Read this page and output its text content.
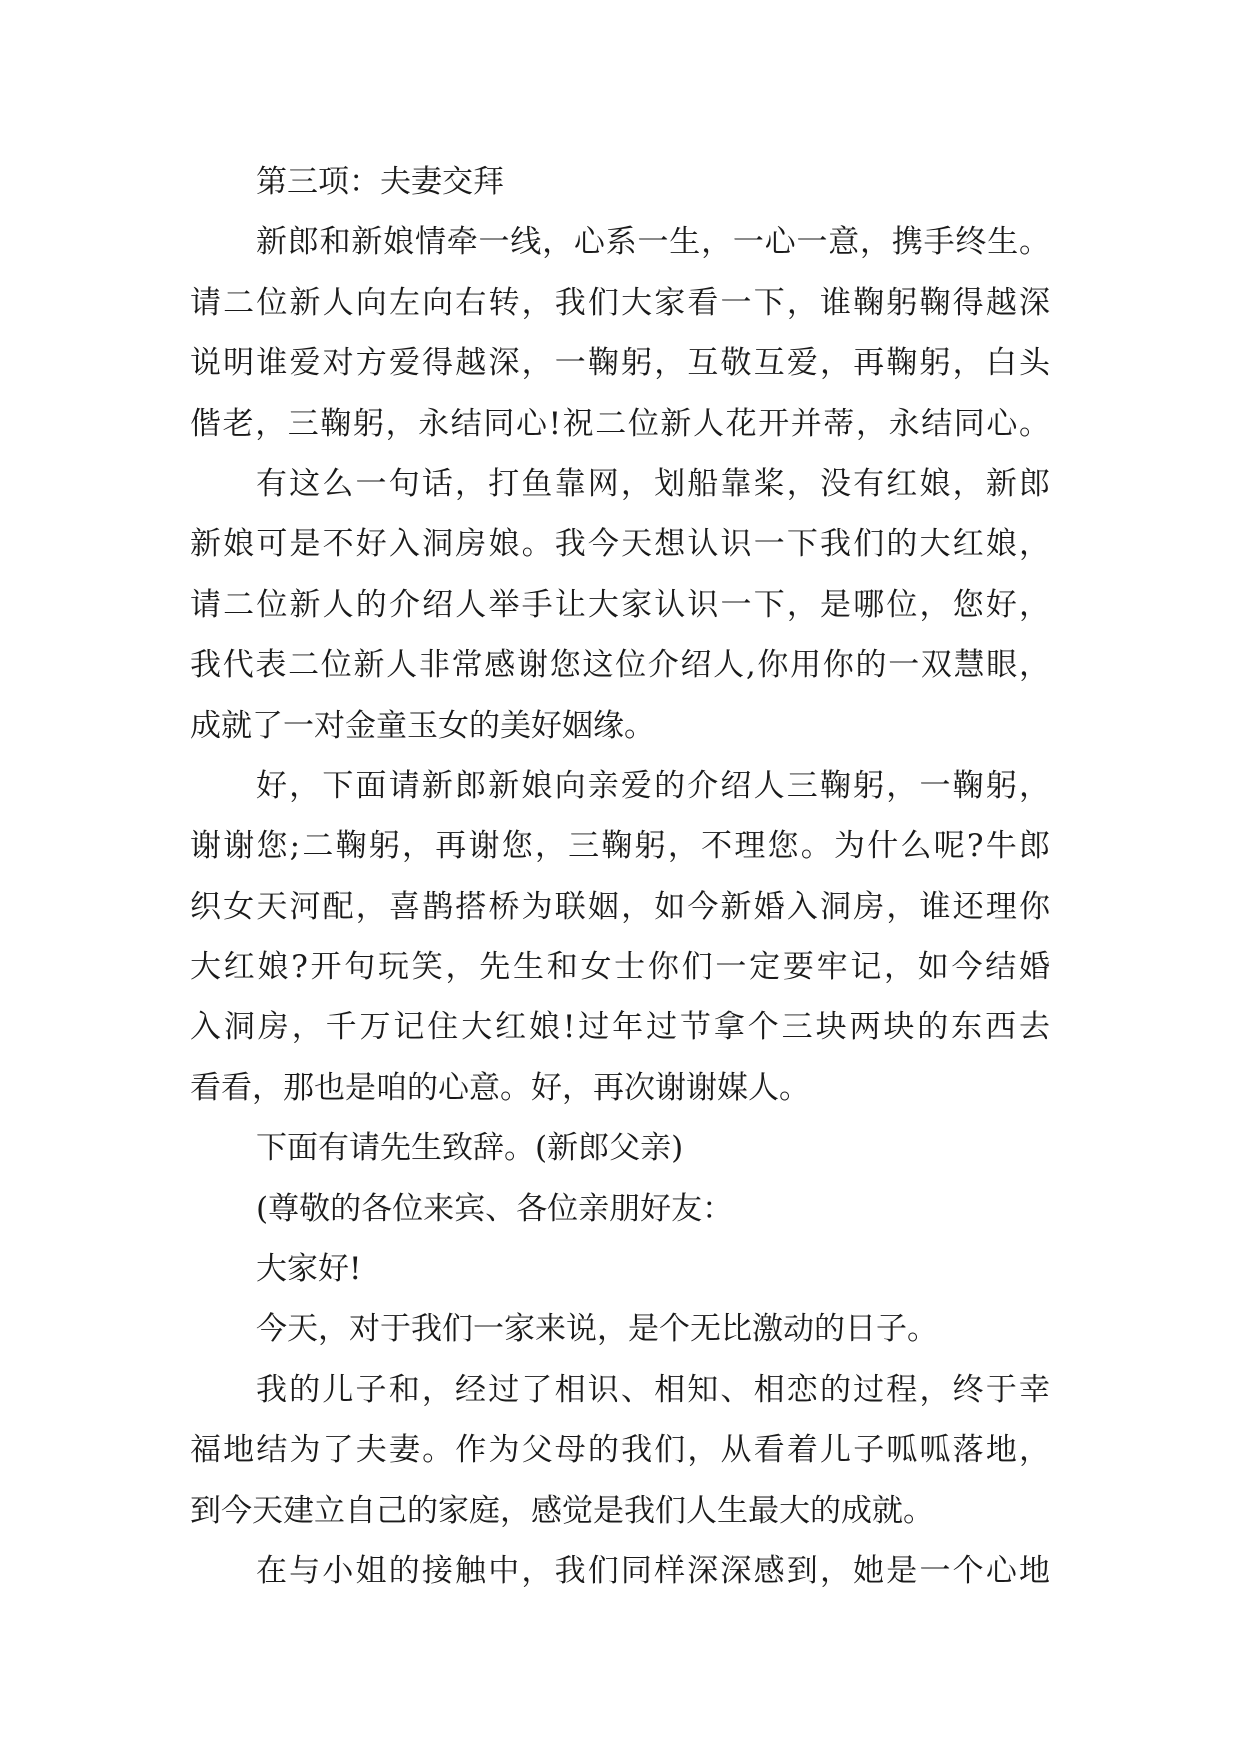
第三项：夫妻交拜
新郎和新娘情牵一线，心系一生，一心一意，携手终生。
请二位新人向左向右转，我们大家看一下，谁鞠躬鞠得越深
说明谁爱对方爱得越深，一鞠躬，互敬互爱，再鞠躬，白头
偕老，三鞠躬，永结同心!祝二位新人花开并蒂，永结同心。
有这么一句话，打鱼靠网，划船靠桨，没有红娘，新郎
新娘可是不好入洞房娘。我今天想认识一下我们的大红娘，
请二位新人的介绍人举手让大家认识一下，是哪位，您好，
我代表二位新人非常感谢您这位介绍人,你用你的一双慧眼，
成就了一对金童玉女的美好姻缘。
好，下面请新郎新娘向亲爱的介绍人三鞠躬，一鞠躬，
谢谢您;二鞠躬，再谢您，三鞠躬，不理您。为什么呢?牛郎
织女天河配，喜鹊搭桥为联姻，如今新婚入洞房，谁还理你
大红娘?开句玩笑，先生和女士你们一定要牢记，如今结婚
入洞房，千万记住大红娘!过年过节拿个三块两块的东西去
看看，那也是咱的心意。好，再次谢谢媒人。
下面有请先生致辞。(新郎父亲)
(尊敬的各位来宾、各位亲朋好友：
大家好!
今天，对于我们一家来说，是个无比激动的日子。
我的儿子和，经过了相识、相知、相恋的过程，终于幸
福地结为了夫妻。作为父母的我们，从看着儿子呱呱落地，
到今天建立自己的家庭，感觉是我们人生最大的成就。
在与小姐的接触中，我们同样深深感到，她是一个心地
